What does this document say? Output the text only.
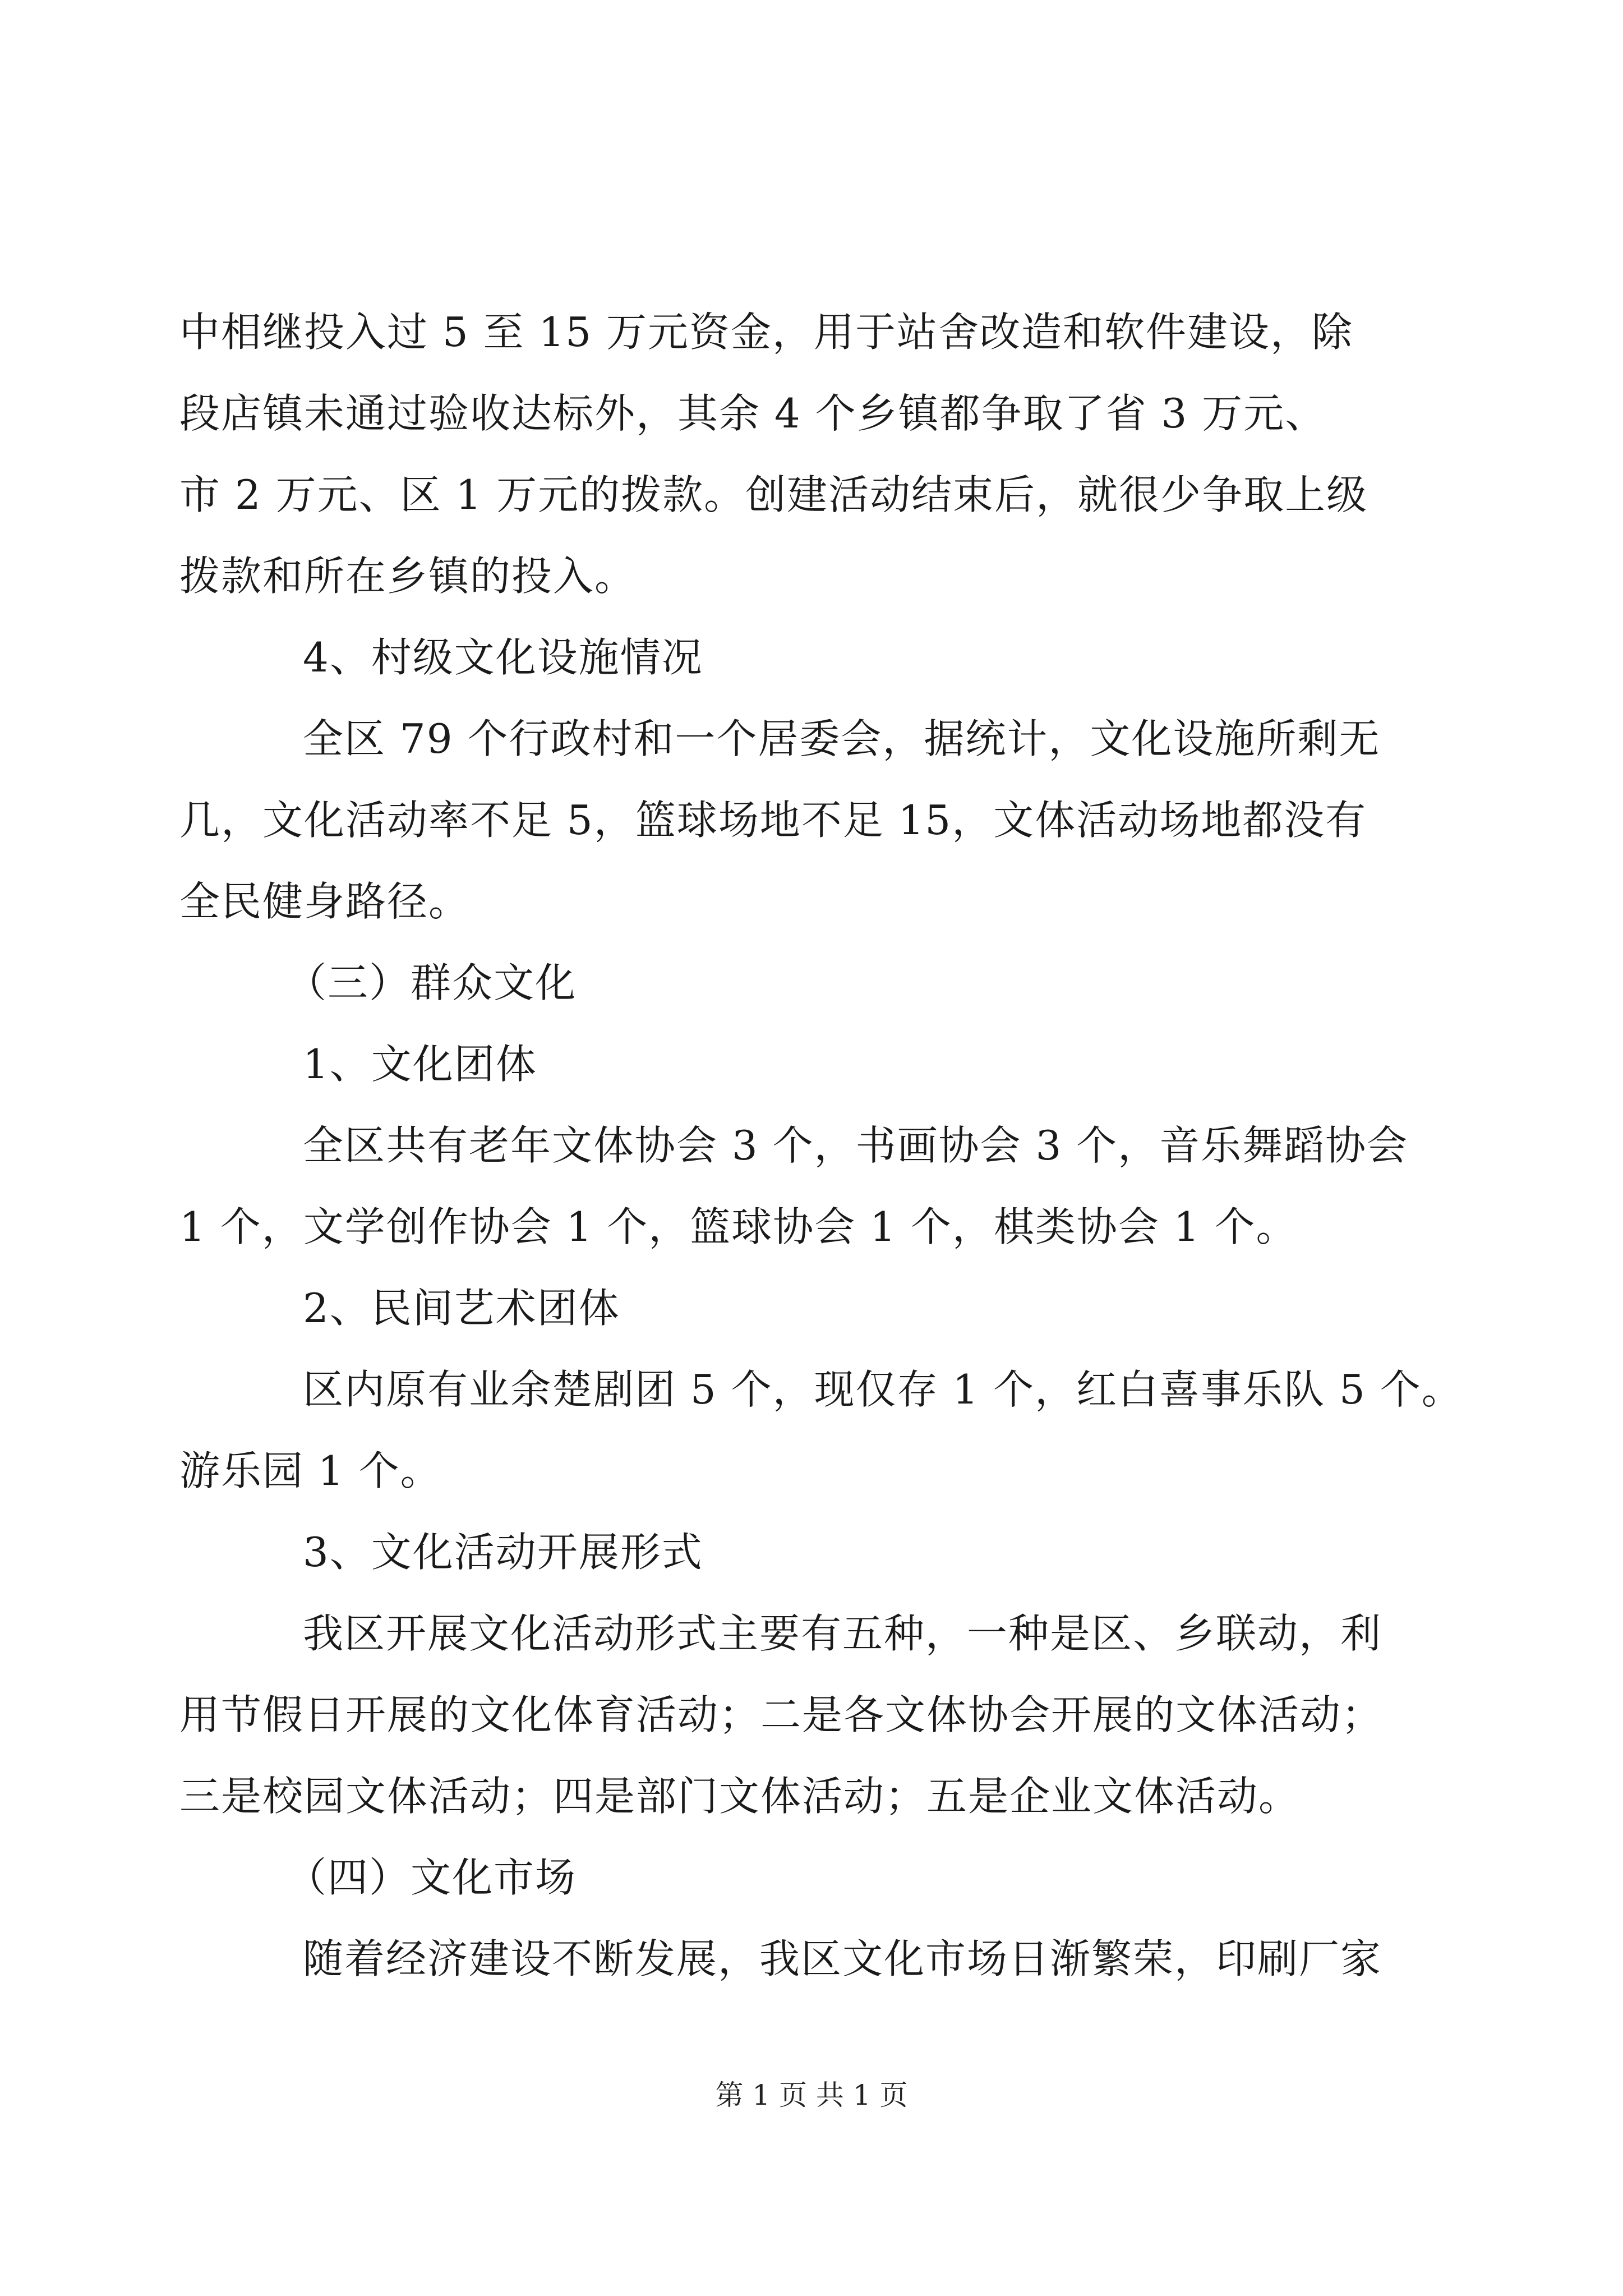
中相继投入过 5 至 15 万元资金，用于站舍改造和软件建设，除
段店镇未通过验收达标外，其余 4 个乡镇都争取了省 3 万元、
市 2 万元、区 1 万元的拨款。创建活动结束后，就很少争取上级
拨款和所在乡镇的投入。
4、村级文化设施情况
全区 79 个行政村和一个居委会，据统计，文化设施所剩无
几，文化活动率不足 5，篮球场地不足 15，文体活动场地都没有
全民健身路径。
（三）群众文化
1、文化团体
全区共有老年文体协会 3 个，书画协会 3 个，音乐舞蹈协会
1 个，文学创作协会 1 个，篮球协会 1 个，棋类协会 1 个。
2、民间艺术团体
区内原有业余楚剧团 5 个，现仅存 1 个，红白喜事乐队 5 个。
游乐园 1 个。
3、文化活动开展形式
我区开展文化活动形式主要有五种，一种是区、乡联动，利
用节假日开展的文化体育活动；二是各文体协会开展的文体活动；
三是校园文体活动；四是部门文体活动；五是企业文体活动。
（四）文化市场
随着经济建设不断发展，我区文化市场日渐繁荣，印刷厂家
第 1 页 共 1 页
